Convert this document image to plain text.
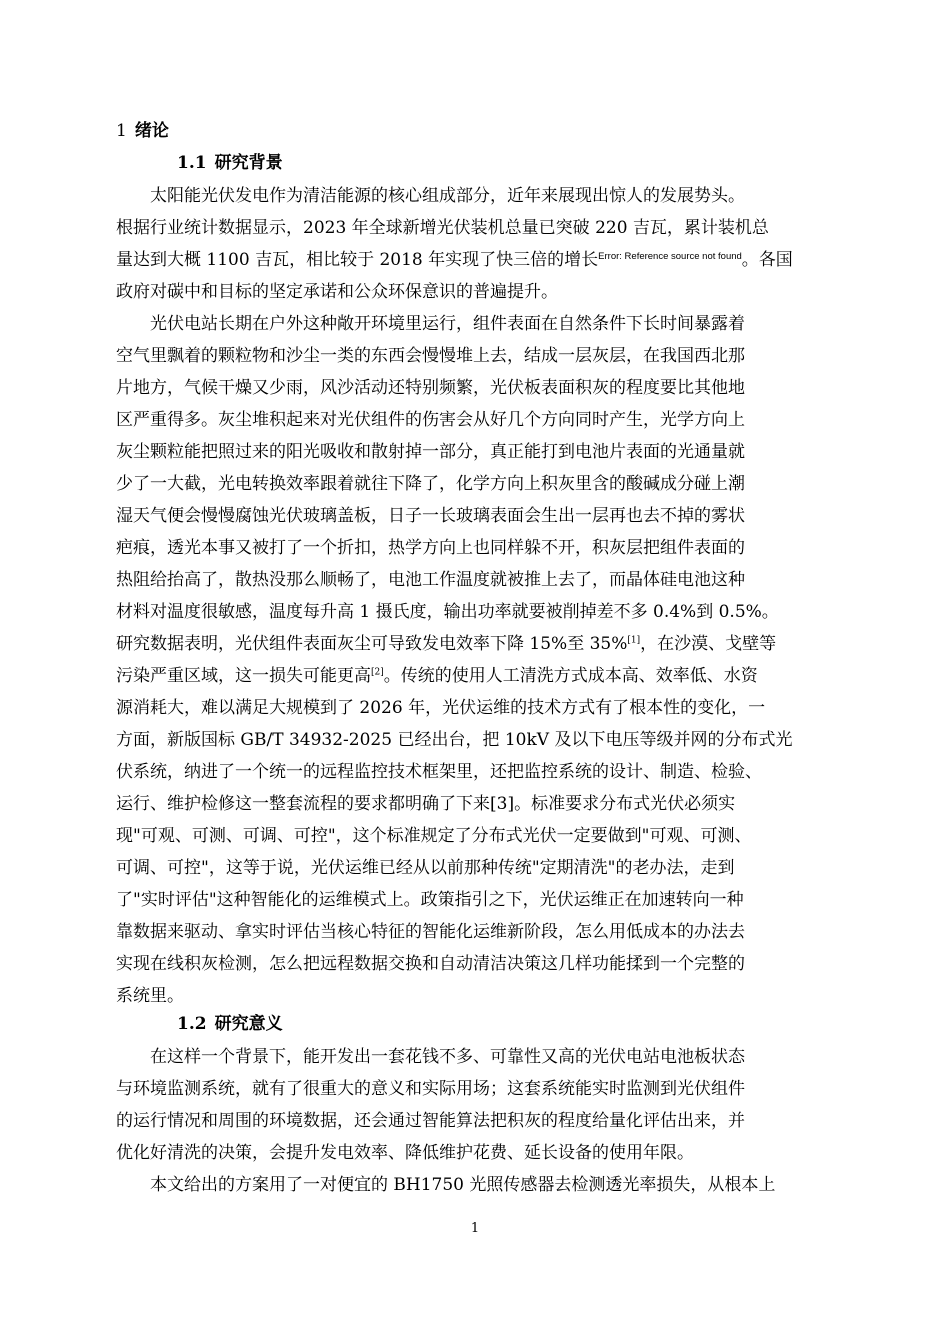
1 绪论
1.1 研究背景
太阳能光伏发电作为清洁能源的核心组成部分，近年来展现出惊人的发展势头。
根据行业统计数据显示，2023 年全球新增光伏装机总量已突破 220 吉瓦，累计装机总
量达到大概 1100 吉瓦，相比较于 2018 年实现了快三倍的增长$^{Error: Reference source not found}$。各国
政府对碳中和目标的坚定承诺和公众环保意识的普遍提升。
光伏电站长期在户外这种敞开环境里运行，组件表面在自然条件下长时间暴露着
空气里飘着的颗粒物和沙尘一类的东西会慢慢堆上去，结成一层灰层，在我国西北那
片地方，气候干燥又少雨，风沙活动还特别频繁，光伏板表面积灰的程度要比其他地
区严重得多。灰尘堆积起来对光伏组件的伤害会从好几个方向同时产生，光学方向上
灰尘颗粒能把照过来的阳光吸收和散射掉一部分，真正能打到电池片表面的光通量就
少了一大截，光电转换效率跟着就往下降了，化学方向上积灰里含的酸碱成分碰上潮
湿天气便会慢慢腐蚀光伏玻璃盖板，日子一长玻璃表面会生出一层再也去不掉的雾状
疤痕，透光本事又被打了一个折扣，热学方向上也同样躲不开，积灰层把组件表面的
热阻给抬高了，散热没那么顺畅了，电池工作温度就被推上去了，而晶体硅电池这种
材料对温度很敏感，温度每升高 1 摄氏度，输出功率就要被削掉差不多 0.4%到 0.5%。
研究数据表明，光伏组件表面灰尘可导致发电效率下降 15%至 35%[1]，在沙漠、戈壁等
污染严重区域，这一损失可能更高[2]。传统的使用人工清洗方式成本高、效率低、水资
源消耗大，难以满足大规模到了 2026 年，光伏运维的技术方式有了根本性的变化，一
方面，新版国标 GB/T 34932-2025 已经出台，把 10kV 及以下电压等级并网的分布式光
伏系统，纳进了一个统一的远程监控技术框架里，还把监控系统的设计、制造、检验、
运行、维护检修这一整套流程的要求都明确了下来[3]。标准要求分布式光伏必须实
现"可观、可测、可调、可控"，这个标准规定了分布式光伏一定要做到"可观、可测、
可调、可控"，这等于说，光伏运维已经从以前那种传统"定期清洗"的老办法，走到
了"实时评估"这种智能化的运维模式上。政策指引之下，光伏运维正在加速转向一种
靠数据来驱动、拿实时评估当核心特征的智能化运维新阶段，怎么用低成本的办法去
实现在线积灰检测，怎么把远程数据交换和自动清洁决策这几样功能揉到一个完整的
系统里。
1.2 研究意义
在这样一个背景下，能开发出一套花钱不多、可靠性又高的光伏电站电池板状态
与环境监测系统，就有了很重大的意义和实际用场；这套系统能实时监测到光伏组件
的运行情况和周围的环境数据，还会通过智能算法把积灰的程度给量化评估出来，并
优化好清洗的决策，会提升发电效率、降低维护花费、延长设备的使用年限。
本文给出的方案用了一对便宜的 BH1750 光照传感器去检测透光率损失，从根本上
1
